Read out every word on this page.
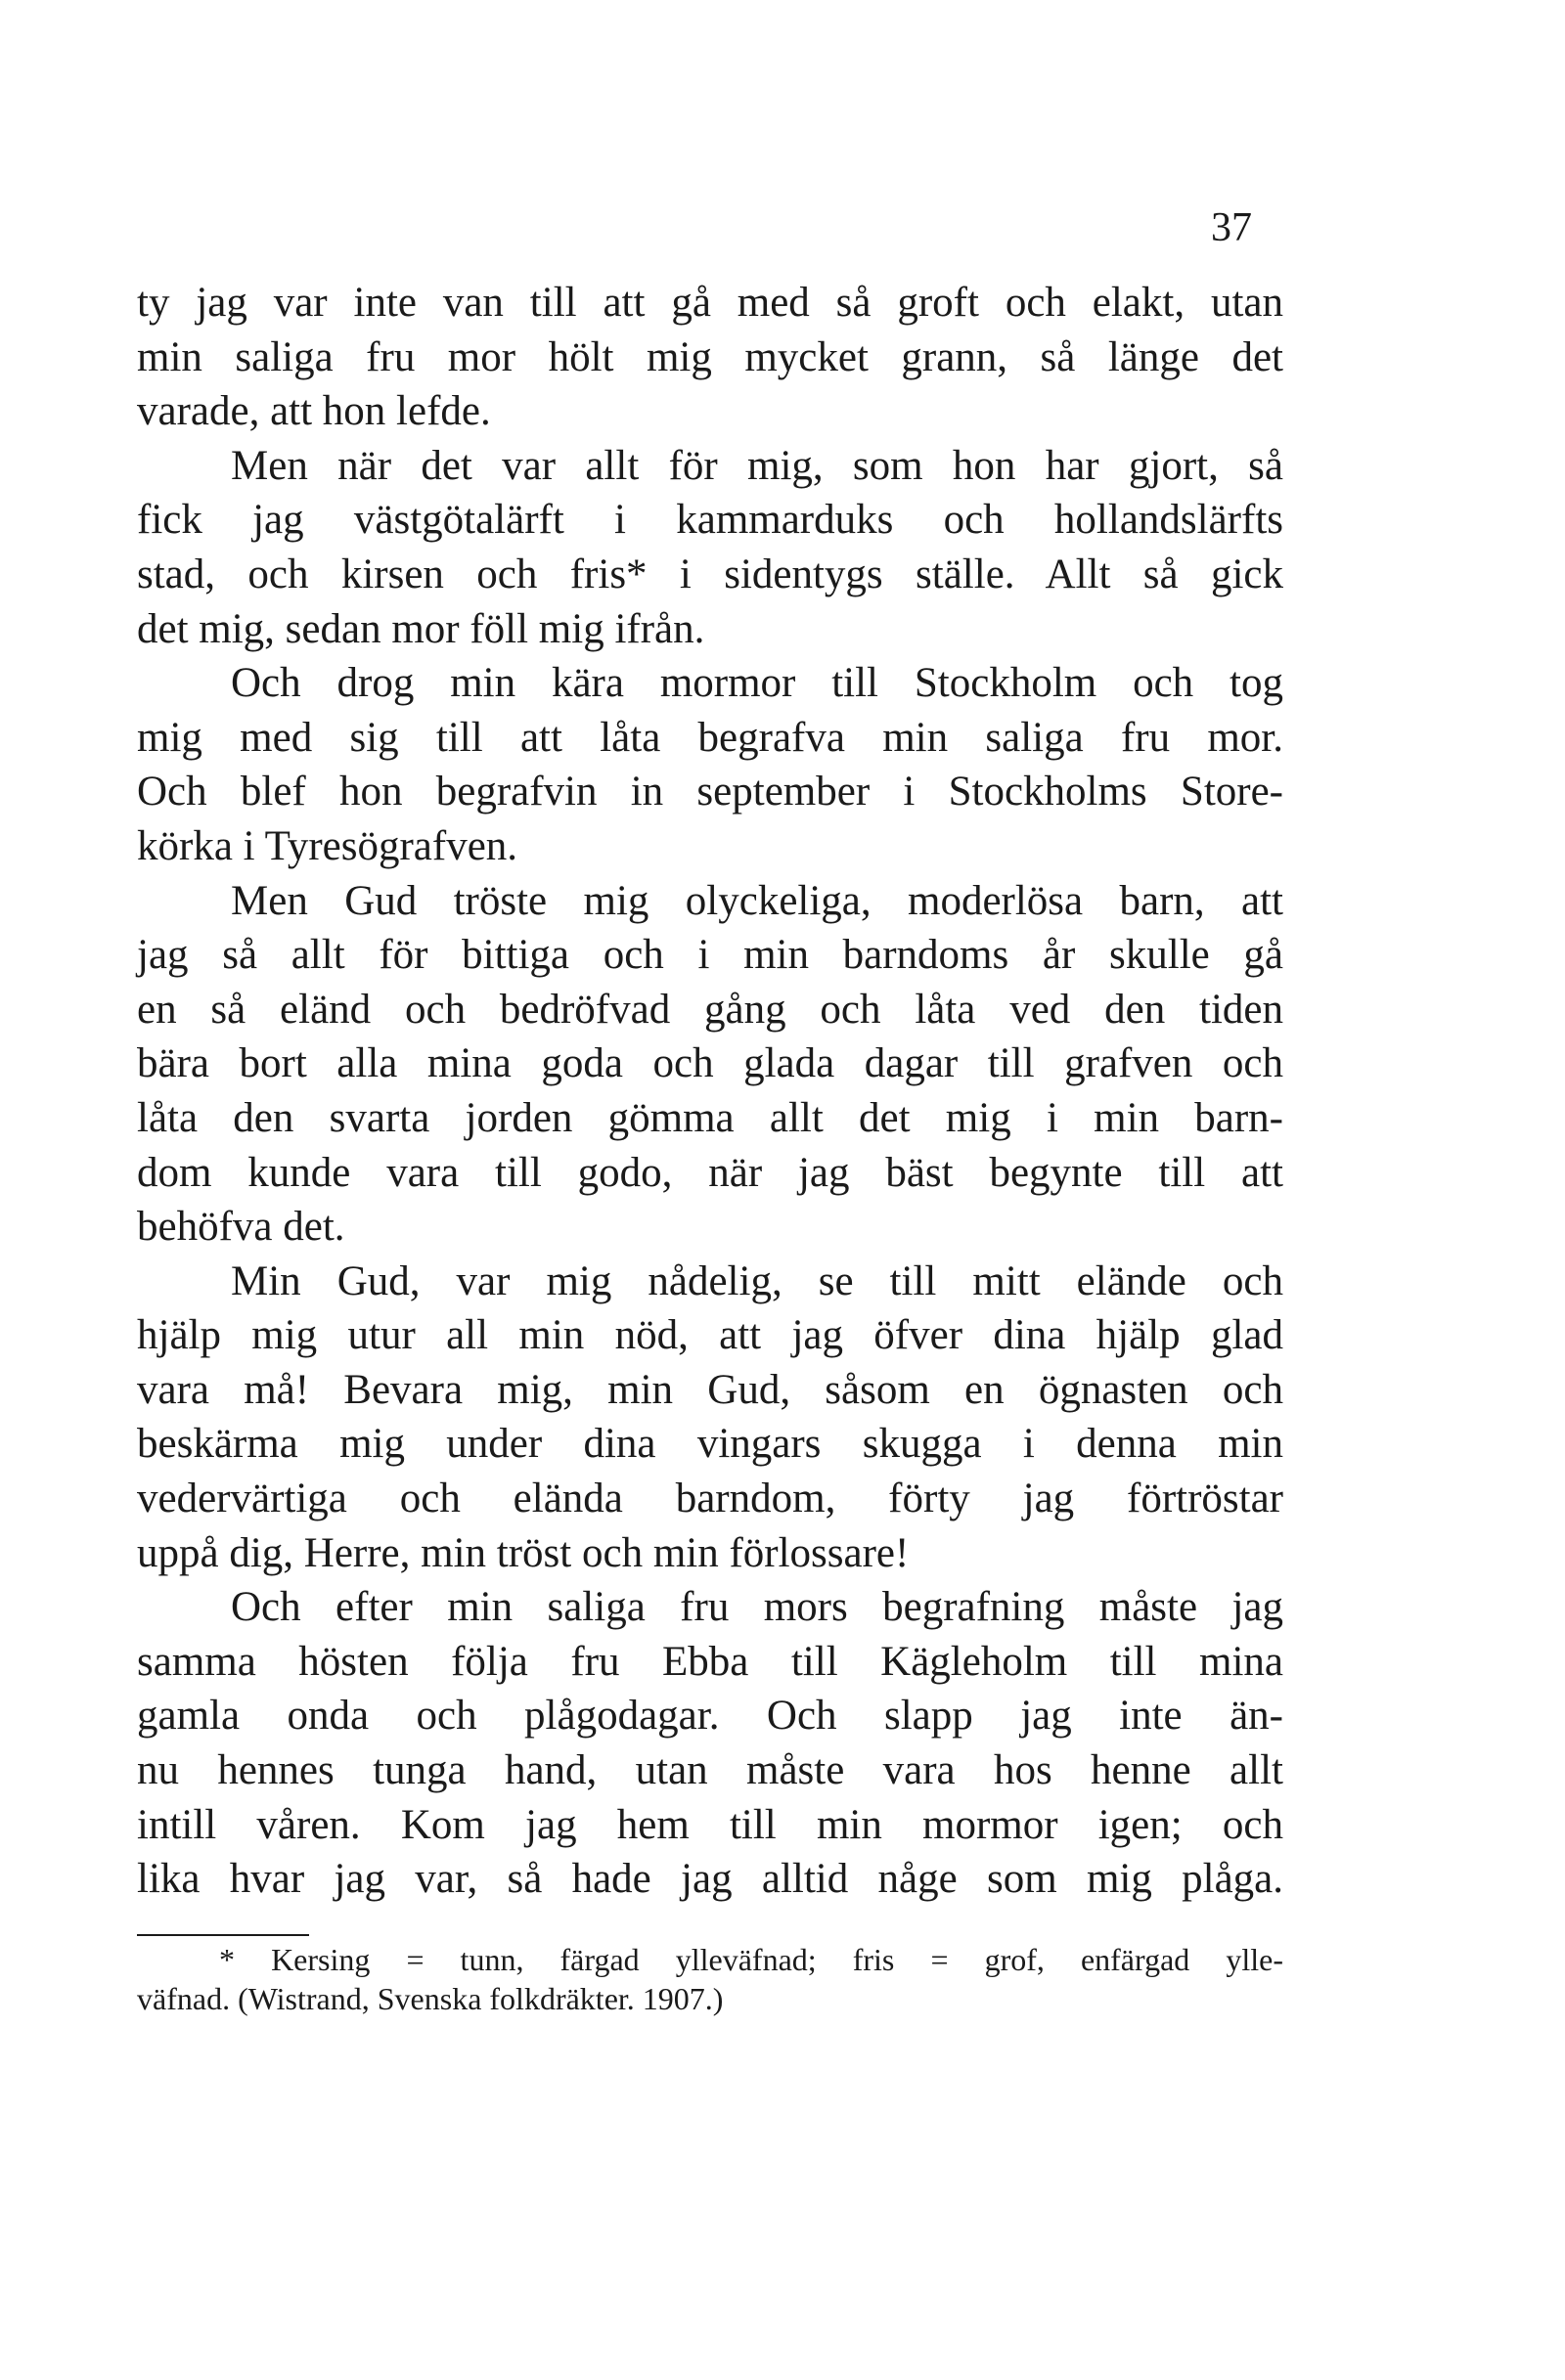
37
ty jag var inte van till att gå med så groft och elakt, utan
min saliga fru mor hölt mig mycket grann, så länge det
varade, att hon lefde.
Men när det var allt för mig, som hon har gjort, så
fick jag västgötalärft i kammarduks och hollandslärfts
stad, och kirsen och fris* i sidentygs ställe. Allt så gick
det mig, sedan mor föll mig ifrån.
Och drog min kära mormor till Stockholm och tog
mig med sig till att låta begrafva min saliga fru mor.
Och blef hon begrafvin in september i Stockholms Store-
körka i Tyresögrafven.
Men Gud tröste mig olyckeliga, moderlösa barn, att
jag så allt för bittiga och i min barndoms år skulle gå
en så eländ och bedröfvad gång och låta ved den tiden
bära bort alla mina goda och glada dagar till grafven och
låta den svarta jorden gömma allt det mig i min barn-
dom kunde vara till godo, när jag bäst begynte till att
behöfva det.
Min Gud, var mig nådelig, se till mitt elände och
hjälp mig utur all min nöd, att jag öfver dina hjälp glad
vara må! Bevara mig, min Gud, såsom en ögnasten och
beskärma mig under dina vingars skugga i denna min
vedervärtiga och elända barndom, förty jag förtröstar
uppå dig, Herre, min tröst och min förlossare!
Och efter min saliga fru mors begrafning måste jag
samma hösten följa fru Ebba till Kägleholm till mina
gamla onda och plågodagar. Och slapp jag inte än-
nu hennes tunga hand, utan måste vara hos henne allt
intill våren. Kom jag hem till min mormor igen; och
lika hvar jag var, så hade jag alltid någe som mig plåga.
* Kersing = tunn, färgad ylleväfnad; fris = grof, enfärgad ylle-
väfnad. (Wistrand, Svenska folkdräkter. 1907.)
